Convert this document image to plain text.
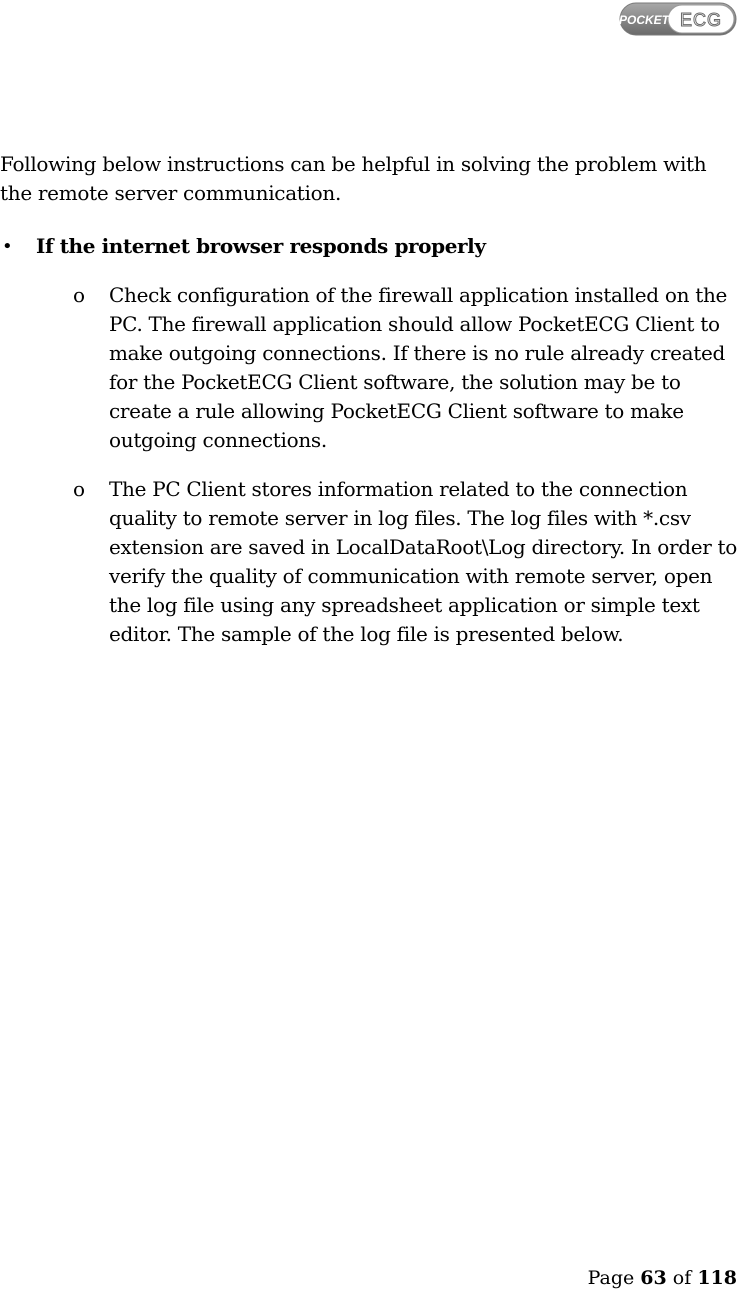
POCKET ECG

Following below instructions can be helpful in solving the problem with the remote server communication.

• If the internet browser responds properly
o Check configuration of the firewall application installed on the PC. The firewall application should allow PocketECG Client to make outgoing connections. If there is no rule already created for the PocketECG Client software, the solution may be to create a rule allowing PocketECG Client software to make outgoing connections.

o The PC Client stores information related to the connection quality to remote server in log files. The log files with *.csv extension are saved in LocalDataRoot\Log directory. In order to verify the quality of communication with remote server, open the log file using any spreadsheet application or simple text editor. The sample of the log file is presented below.

Page 63 of 118
